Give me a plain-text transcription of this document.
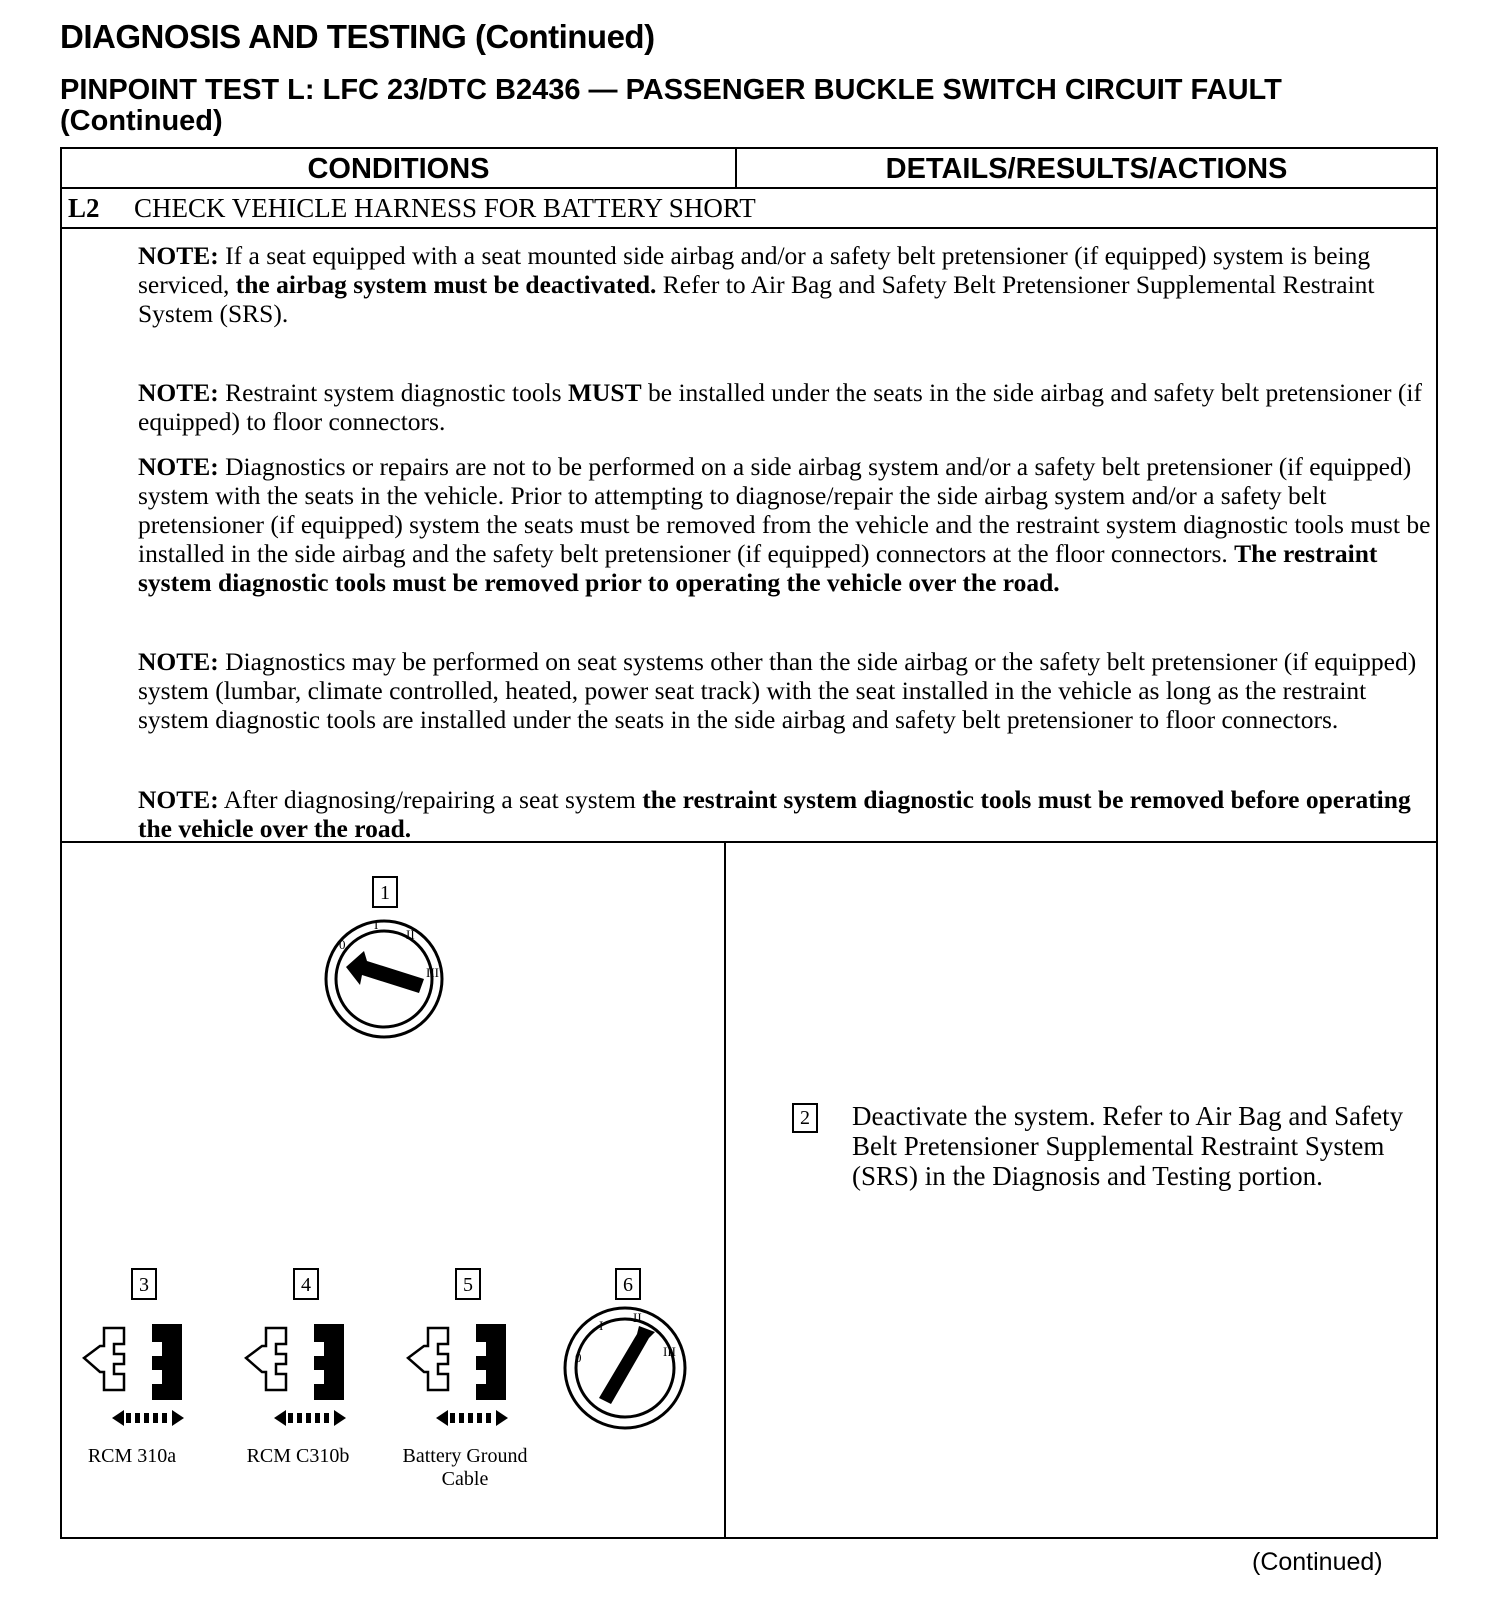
DIAGNOSIS AND TESTING (Continued)
PINPOINT TEST L: LFC 23/DTC B2436 — PASSENGER BUCKLE SWITCH CIRCUIT FAULT (Continued)
CONDITIONS	DETAILS/RESULTS/ACTIONS
L2 CHECK VEHICLE HARNESS FOR BATTERY SHORT

NOTE: If a seat equipped with a seat mounted side airbag and/or a safety belt pretensioner (if equipped) system is being serviced, the airbag system must be deactivated. Refer to Air Bag and Safety Belt Pretensioner Supplemental Restraint System (SRS).

NOTE: Restraint system diagnostic tools MUST be installed under the seats in the side airbag and safety belt pretensioner (if equipped) to floor connectors.

NOTE: Diagnostics or repairs are not to be performed on a side airbag system and/or a safety belt pretensioner (if equipped) system with the seats in the vehicle. Prior to attempting to diagnose/repair the side airbag system and/or a safety belt pretensioner (if equipped) system the seats must be removed from the vehicle and the restraint system diagnostic tools must be installed in the side airbag and the safety belt pretensioner (if equipped) connectors at the floor connectors. The restraint system diagnostic tools must be removed prior to operating the vehicle over the road.

NOTE: Diagnostics may be performed on seat systems other than the side airbag or the safety belt pretensioner (if equipped) system (lumbar, climate controlled, heated, power seat track) with the seat installed in the vehicle as long as the restraint system diagnostic tools are installed under the seats in the side airbag and safety belt pretensioner to floor connectors.

NOTE: After diagnosing/repairing a seat system the restraint system diagnostic tools must be removed before operating the vehicle over the road.

1
0
I
II
III
3	4	5	6
0
I
II
III
RCM 310a	RCM C310b	Battery Ground Cable
2 Deactivate the system. Refer to Air Bag and Safety Belt Pretensioner Supplemental Restraint System (SRS) in the Diagnosis and Testing portion.
(Continued)
